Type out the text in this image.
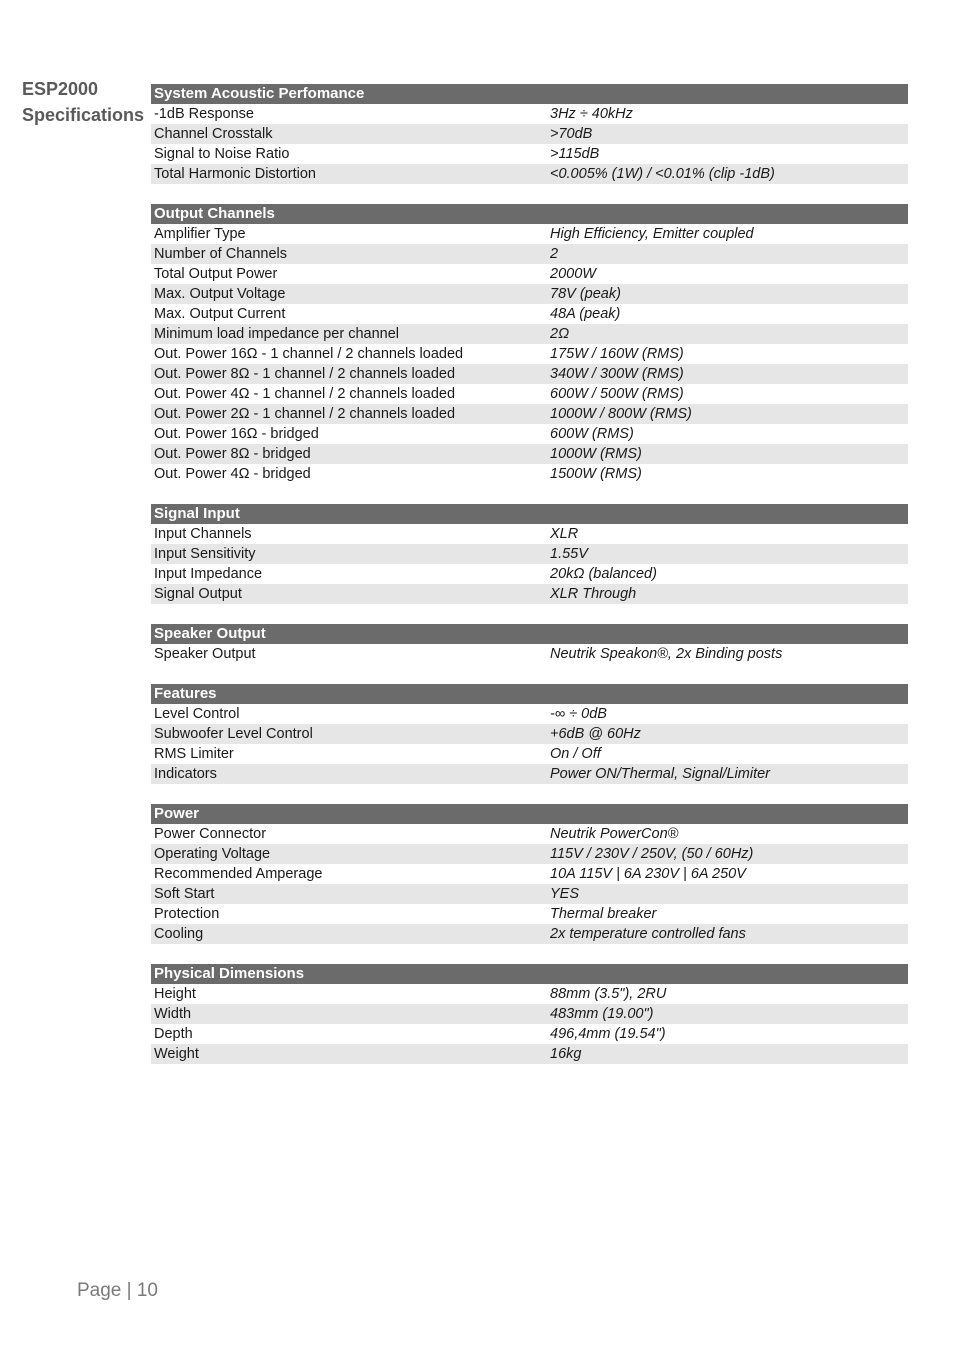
ESP2000
Specifications
System Acoustic Perfomance
-1dB Response	3Hz ÷ 40kHz
Channel Crosstalk	>70dB
Signal to Noise Ratio	>115dB
Total Harmonic Distortion	<0.005% (1W) / <0.01% (clip -1dB)
Output Channels
Amplifier Type	High Efficiency, Emitter coupled
Number of Channels	2
Total Output Power	2000W
Max. Output Voltage	78V (peak)
Max. Output Current	48A (peak)
Minimum load impedance per channel	2Ω
Out. Power 16Ω - 1 channel / 2 channels loaded	175W / 160W (RMS)
Out. Power 8Ω - 1 channel / 2 channels loaded	340W / 300W (RMS)
Out. Power 4Ω - 1 channel / 2 channels loaded	600W / 500W (RMS)
Out. Power 2Ω - 1 channel / 2 channels loaded	1000W / 800W (RMS)
Out. Power 16Ω - bridged	600W (RMS)
Out. Power 8Ω - bridged	1000W (RMS)
Out. Power 4Ω - bridged	1500W (RMS)
Signal Input
Input Channels	XLR
Input Sensitivity	1.55V
Input Impedance	20kΩ (balanced)
Signal Output	XLR Through
Speaker Output
Speaker Output	Neutrik Speakon®, 2x Binding posts
Features
Level Control	-∞ ÷ 0dB
Subwoofer Level Control	+6dB @ 60Hz
RMS Limiter	On / Off
Indicators	Power ON/Thermal, Signal/Limiter
Power
Power Connector	Neutrik PowerCon®
Operating Voltage	115V / 230V / 250V, (50 / 60Hz)
Recommended Amperage	10A 115V | 6A 230V | 6A 250V
Soft Start	YES
Protection	Thermal breaker
Cooling	2x temperature controlled fans
Physical Dimensions
Height	88mm (3.5"), 2RU
Width	483mm (19.00")
Depth	496,4mm (19.54")
Weight	16kg
Page | 10
